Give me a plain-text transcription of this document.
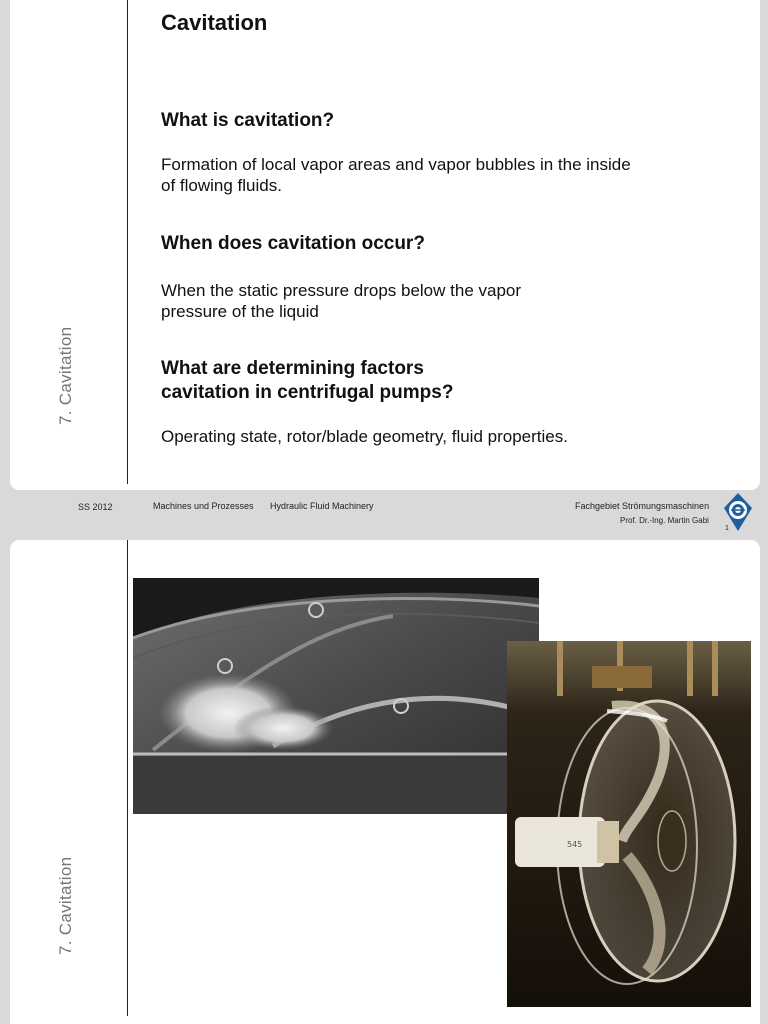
7. Cavitation
Cavitation
What is cavitation?
Formation of local vapor areas and vapor bubbles in the inside
of flowing fluids.
When does cavitation occur?
When the static pressure drops below the vapor
pressure of the liquid
What are determining factors
cavitation in centrifugal pumps?
Operating state, rotor/blade geometry, fluid properties.
SS 2012	Machines und Prozesses Hydraulic Fluid Machinery	Fachgebiet Strömungsmaschinen
Prof. Dr.-Ing. Martin Gabi
1
7. Cavitation
545
